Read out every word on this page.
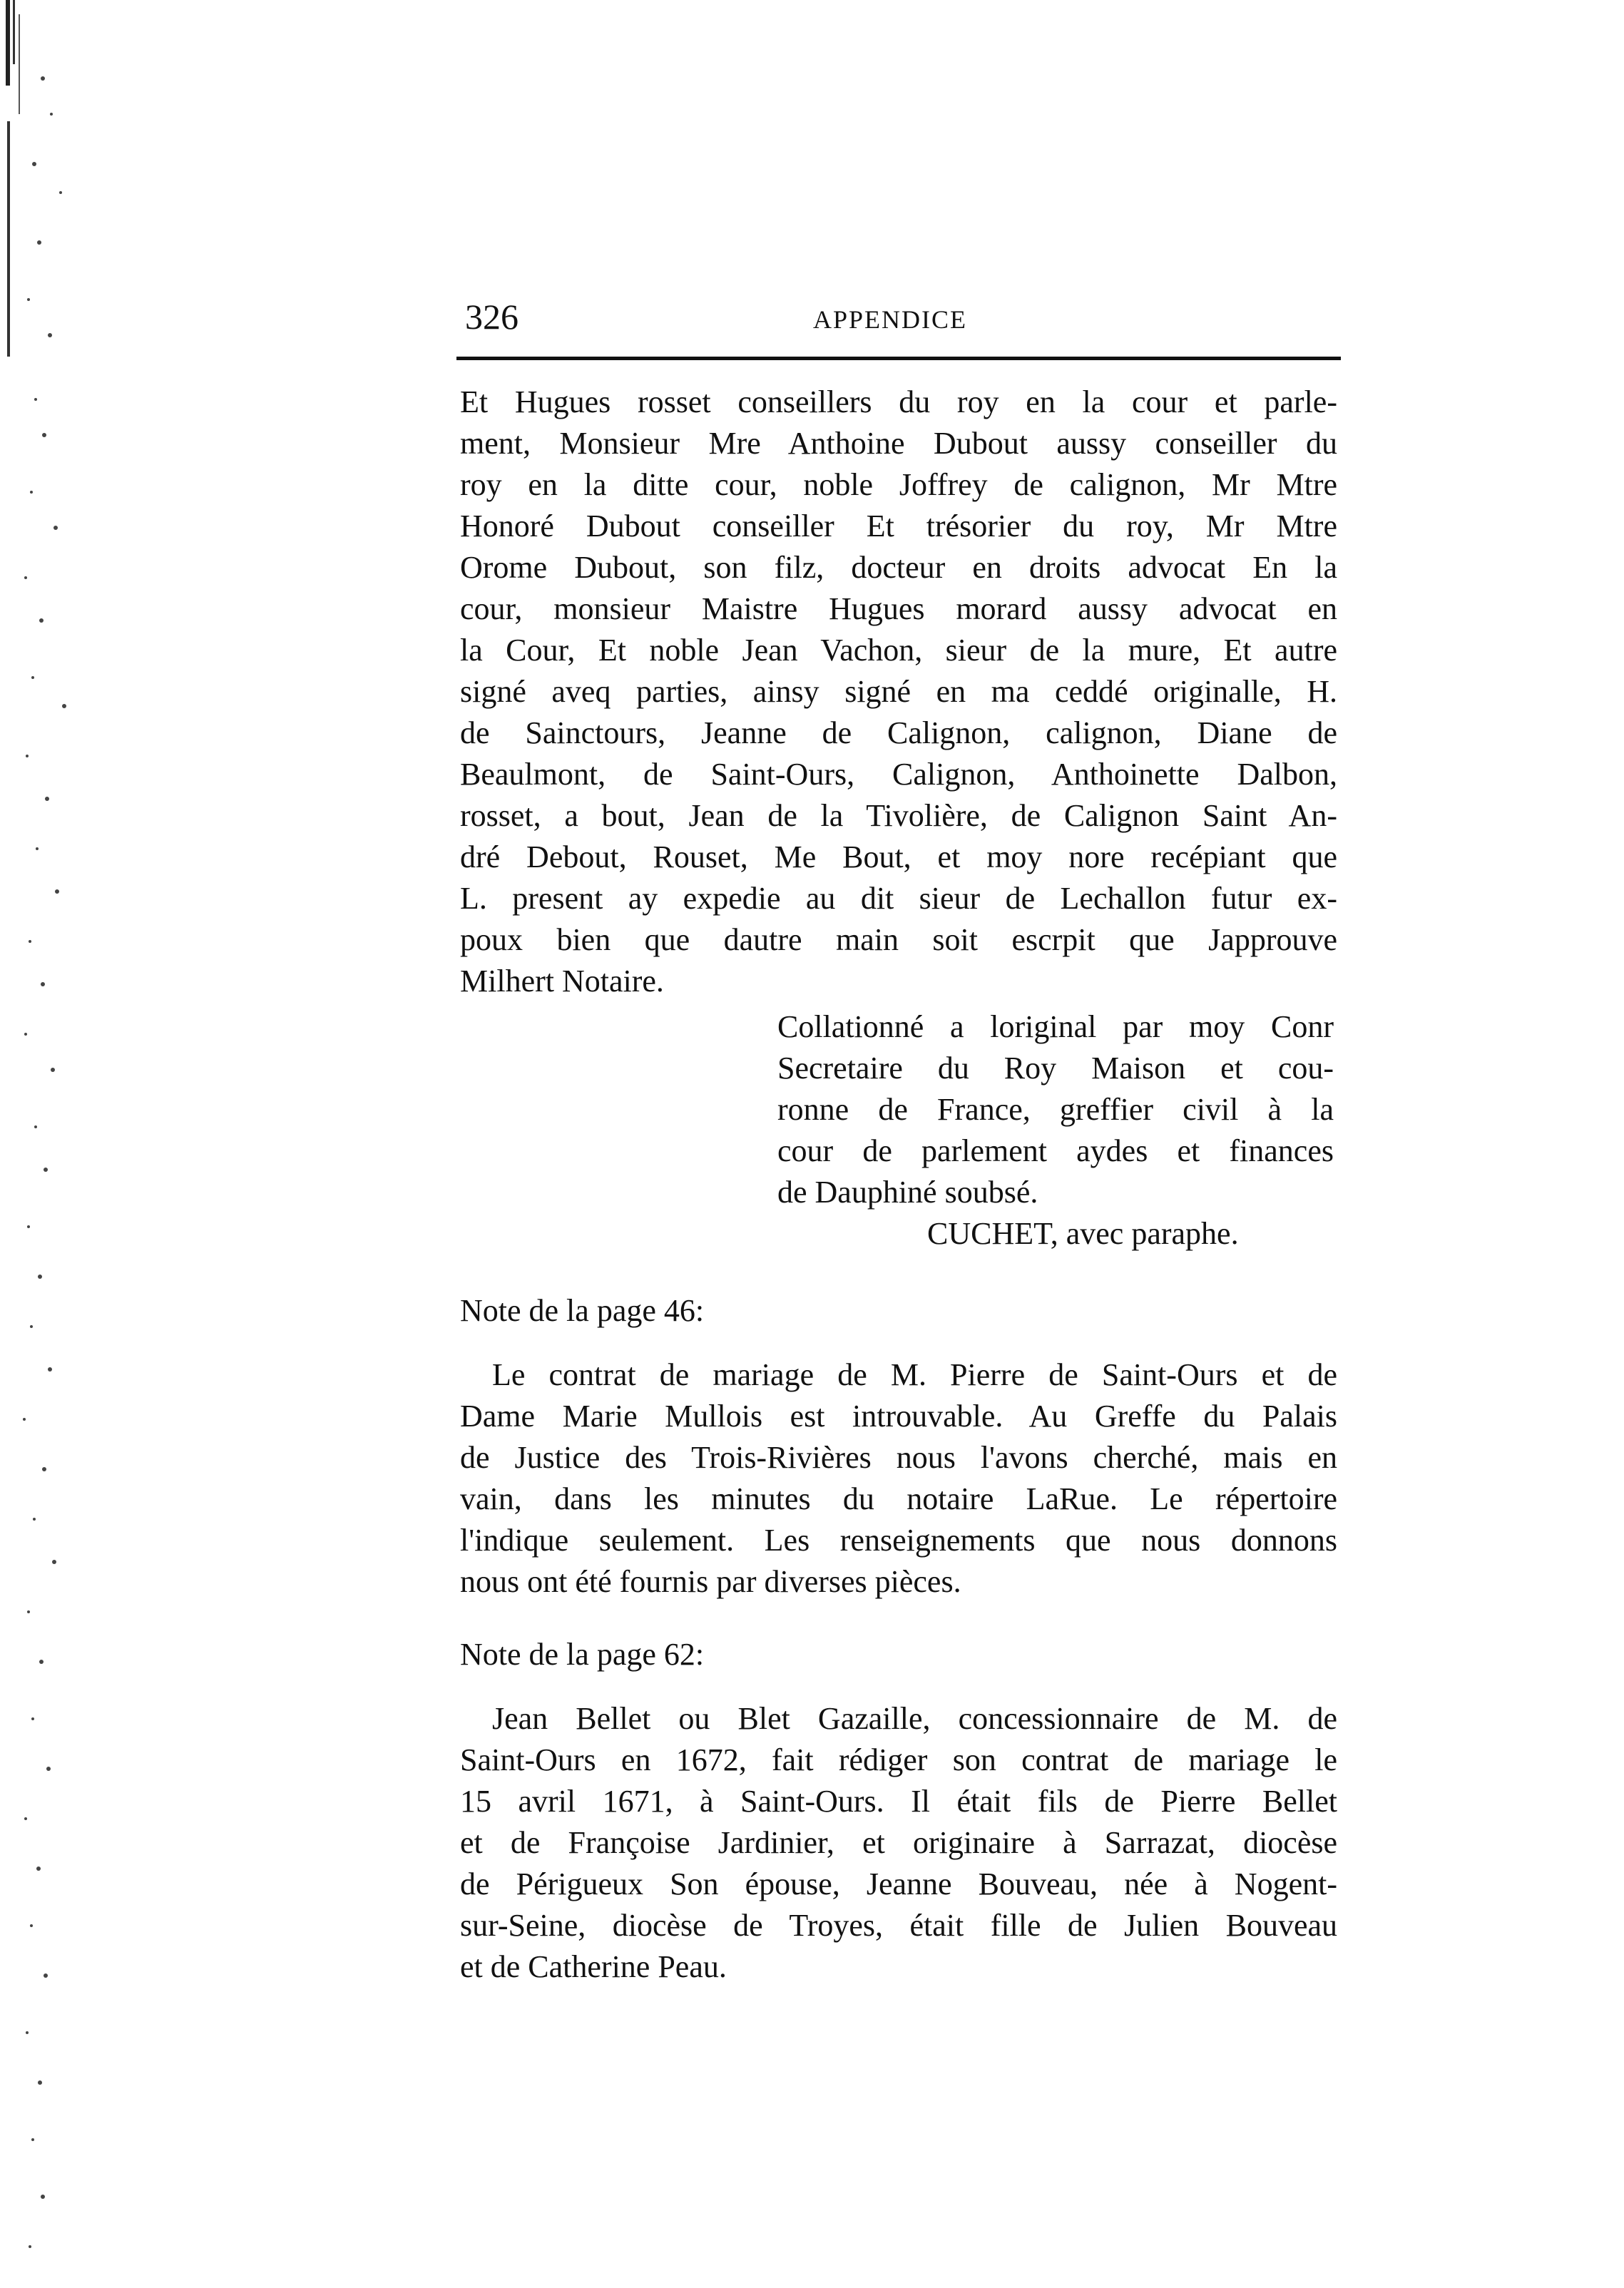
326	APPENDICE
Et Hugues rosset conseillers du roy en la cour et parle-
ment, Monsieur Mre Anthoine Dubout aussy conseiller du
roy en la ditte cour, noble Joffrey de calignon, Mr Mtre
Honoré Dubout conseiller Et trésorier du roy, Mr Mtre
Orome Dubout, son filz, docteur en droits advocat En la
cour, monsieur Maistre Hugues morard aussy advocat en
la Cour, Et noble Jean Vachon, sieur de la mure, Et autre
signé aveq parties, ainsy signé en ma ceddé originalle, H.
de Sainctours, Jeanne de Calignon, calignon, Diane de
Beaulmont, de Saint-Ours, Calignon, Anthoinette Dalbon,
rosset, a bout, Jean de la Tivolière, de Calignon Saint An-
dré Debout, Rouset, Me Bout, et moy nore recépiant que
L. present ay expedie au dit sieur de Lechallon futur ex-
poux bien que dautre main soit escrpit que Japprouve
Milhert Notaire.
Collationné a loriginal par moy Conr
Secretaire du Roy Maison et cou-
ronne de France, greffier civil à la
cour de parlement aydes et finances
de Dauphiné soubsé.
CUCHET, avec paraphe.
Note de la page 46:
Le contrat de mariage de M. Pierre de Saint-Ours et de
Dame Marie Mullois est introuvable. Au Greffe du Palais
de Justice des Trois-Rivières nous l'avons cherché, mais en
vain, dans les minutes du notaire LaRue. Le répertoire
l'indique seulement. Les renseignements que nous donnons
nous ont été fournis par diverses pièces.
Note de la page 62:
Jean Bellet ou Blet Gazaille, concessionnaire de M. de
Saint-Ours en 1672, fait rédiger son contrat de mariage le
15 avril 1671, à Saint-Ours. Il était fils de Pierre Bellet
et de Françoise Jardinier, et originaire à Sarrazat, diocèse
de Périgueux Son épouse, Jeanne Bouveau, née à Nogent-
sur-Seine, diocèse de Troyes, était fille de Julien Bouveau
et de Catherine Peau.
